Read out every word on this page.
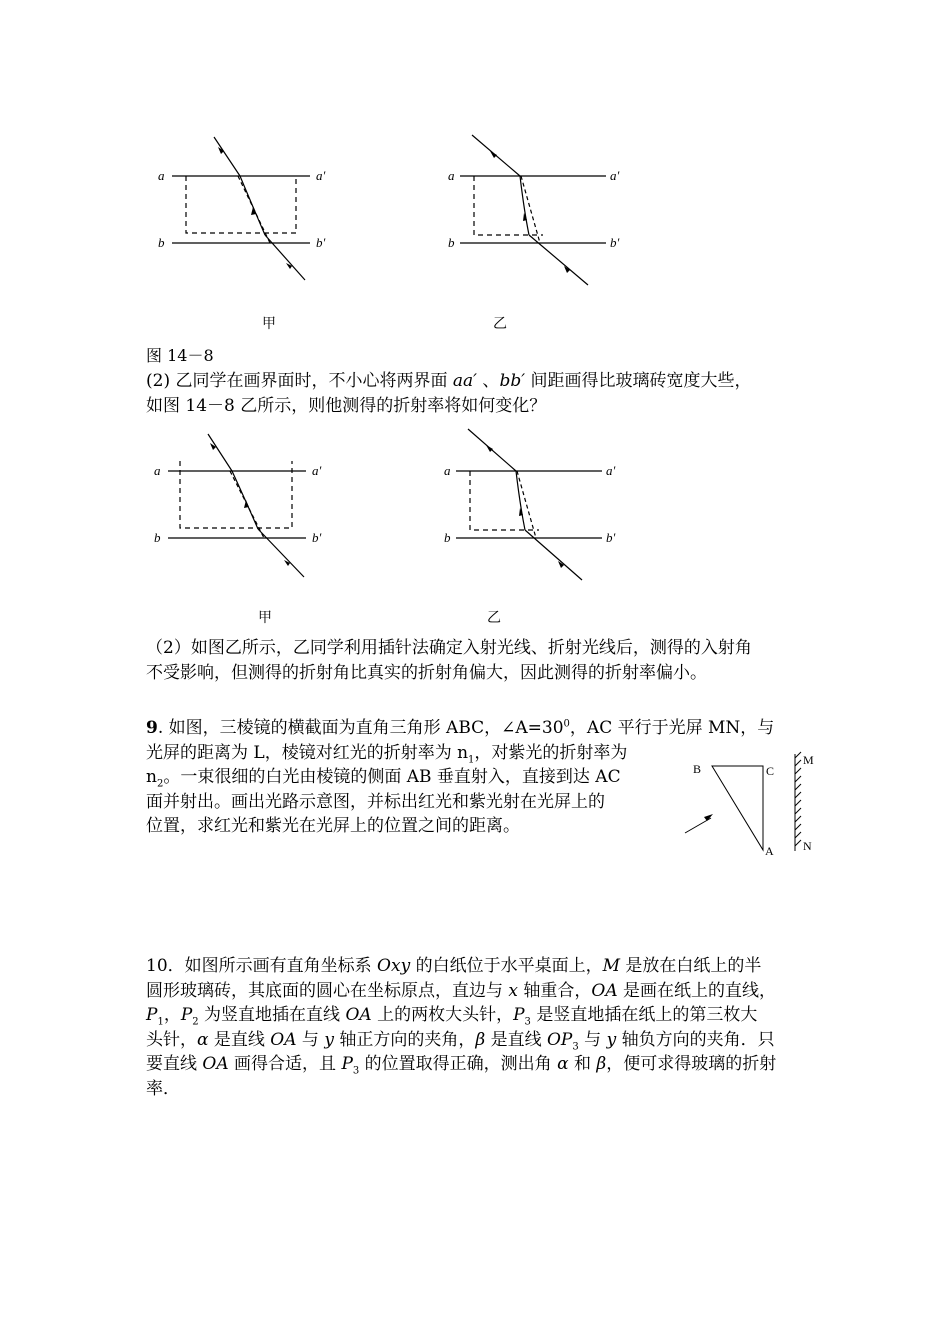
a	a′
b	b′
a	a′
b	b′
甲	乙
图 14－8
(2) 乙同学在画界面时，不小心将两界面 aa′ 、bb′ 间距画得比玻璃砖宽度大些，
如图 14－8 乙所示，则他测得的折射率将如何变化？
a	a′
b	b′
a	a′
b	b′
甲	乙
（2）如图乙所示，乙同学利用插针法确定入射光线、折射光线后，测得的入射角
不受影响，但测得的折射角比真实的折射角偏大，因此测得的折射率偏小。
9. 如图，三棱镜的横截面为直角三角形 ABC，$\angle A=30^0$，AC 平行于光屏 MN，与
光屏的距离为 L，棱镜对红光的折射率为 $n_1$，对紫光的折射率为
$n_2$。一束很细的白光由棱镜的侧面 AB 垂直射入，直接到达 AC
面并射出。画出光路示意图，并标出红光和紫光射在光屏上的
位置，求红光和紫光在光屏上的位置之间的距离。
B	C
A
M
N
10．如图所示画有直角坐标系 Oxy 的白纸位于水平桌面上，M 是放在白纸上的半
圆形玻璃砖，其底面的圆心在坐标原点，直边与 x 轴重合，OA 是画在纸上的直线，
$P_1$，$P_2$ 为竖直地插在直线 OA 上的两枚大头针，$P_3$ 是竖直地插在纸上的第三枚大
头针，α 是直线 OA 与 y 轴正方向的夹角，β 是直线 $OP_3$ 与 y 轴负方向的夹角．只
要直线 OA 画得合适，且 $P_3$ 的位置取得正确，测出角 α 和 β，便可求得玻璃的折射
率．
